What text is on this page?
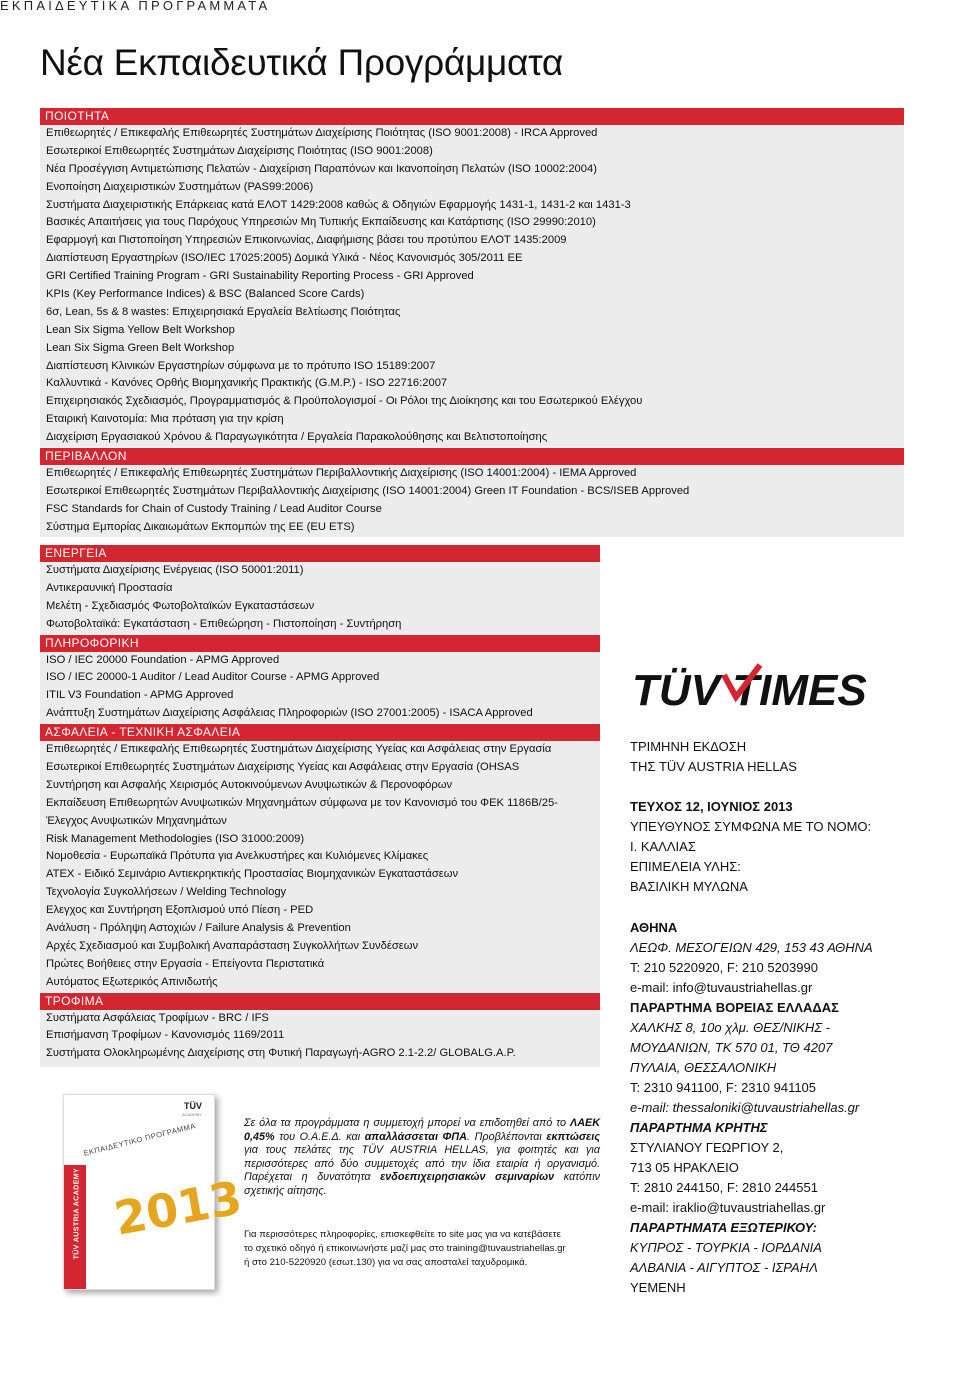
ΕΚΠΑΙΔΕΥΤΙΚΑ ΠΡΟΓΡΑΜΜΑΤΑ
Νέα Εκπαιδευτικά Προγράμματα
ΠΟΙΟΤΗΤΑ
Επιθεωρητές / Επικεφαλής Επιθεωρητές Συστημάτων Διαχείρισης Ποιότητας (ISO 9001:2008) - IRCA Approved
Εσωτερικοί Επιθεωρητές Συστημάτων Διαχείρισης Ποιότητας (ISO 9001:2008)
Νέα Προσέγγιση Αντιμετώπισης Πελατών - Διαχείριση Παραπόνων και Ικανοποίηση Πελατών (ISO 10002:2004)
Ενοποίηση Διαχειριστικών Συστημάτων (PAS99:2006)
Συστήματα Διαχειριστικής Επάρκειας κατά ΕΛΟΤ 1429:2008 καθώς & Οδηγιών Εφαρμογής 1431-1, 1431-2 και 1431-3
Βασικές Απαιτήσεις για τους Παρόχους Υπηρεσιών Μη Τυπικής Εκπαίδευσης και Κατάρτισης (ISO 29990:2010)
Εφαρμογή και Πιστοποίηση Υπηρεσιών Επικοινωνίας, Διαφήμισης βάσει του προτύπου ΕΛΟΤ 1435:2009
Διαπίστευση Εργαστηρίων (ISO/IEC 17025:2005) Δομικά Υλικά - Νέος Κανονισμός 305/2011 ΕΕ
GRI Certified Training Program - GRI Sustainability Reporting Process - GRI Approved
KPIs (Key Performance Indices) & BSC (Balanced Score Cards)
6σ, Lean, 5s & 8 wastes: Επιχειρησιακά Εργαλεία Βελτίωσης Ποιότητας
Lean Six Sigma Yellow Belt Workshop
Lean Six Sigma Green Belt Workshop
Διαπίστευση Κλινικών Εργαστηρίων σύμφωνα με το πρότυπο ISO 15189:2007
Καλλυντικά - Κανόνες Ορθής Βιομηχανικής Πρακτικής (G.M.P.) - ISO 22716:2007
Επιχειρησιακός Σχεδιασμός, Προγραμματισμός & Προϋπολογισμοί - Οι Ρόλοι της Διοίκησης και του Εσωτερικού Ελέγχου
Εταιρική Καινοτομία: Μια πρόταση για την κρίση
Διαχείριση Εργασιακού Χρόνου & Παραγωγικότητα / Εργαλεία Παρακολούθησης και Βελτιστοποίησης
ΠΕΡΙΒΑΛΛΟΝ
Επιθεωρητές / Επικεφαλής Επιθεωρητές Συστημάτων Περιβαλλοντικής Διαχείρισης (ISO 14001:2004) - IEMA Approved
Εσωτερικοί Επιθεωρητές Συστημάτων Περιβαλλοντικής Διαχείρισης (ISO 14001:2004) Green IT Foundation - BCS/ISEB Approved
FSC Standards for Chain of Custody Training / Lead Auditor Course
Σύστημα Εμπορίας Δικαιωμάτων Εκπομπών της ΕΕ (EU ETS)
ΕΝΕΡΓΕΙΑ
Συστήματα Διαχείρισης Ενέργειας (ISO 50001:2011)
Αντικεραυνική Προστασία
Μελέτη - Σχεδιασμός Φωτοβολταϊκών Εγκαταστάσεων
Φωτοβολταϊκά: Εγκατάσταση - Επιθεώρηση - Πιστοποίηση - Συντήρηση
ΠΛΗΡΟΦΟΡΙΚΗ
ISO / IEC 20000 Foundation - APMG Approved
ISO / IEC 20000-1 Auditor / Lead Auditor Course - APMG Approved
ITIL V3 Foundation - APMG Approved
Ανάπτυξη Συστημάτων Διαχείρισης Ασφάλειας Πληροφοριών (ISO 27001:2005) - ISACA Approved
ΑΣΦΑΛΕΙΑ - ΤΕΧΝΙΚΗ ΑΣΦΑΛΕΙΑ
Επιθεωρητές / Επικεφαλής Επιθεωρητές Συστημάτων Διαχείρισης Υγείας και Ασφάλειας στην Εργασία
Εσωτερικοί Επιθεωρητές Συστημάτων Διαχείρισης Υγείας και Ασφάλειας στην Εργασία (OHSAS
Συντήρηση και Ασφαλής Χειρισμός Αυτοκινούμενων Ανυψωτικών & Περονοφόρων
Εκπαίδευση Επιθεωρητών Ανυψωτικών Μηχανημάτων σύμφωνα με τον Κανονισμό του ΦΕΚ 1186Β/25-
Έλεγχος Ανυψωτικών Μηχανημάτων
Risk Management Methodologies (ISO 31000:2009)
Νομοθεσία - Ευρωπαϊκά Πρότυπα για Ανελκυστήρες και Κυλιόμενες Κλίμακες
ATEX - Ειδικό Σεμινάριο Αντιεκρηκτικής Προστασίας Βιομηχανικών Εγκαταστάσεων
Τεχνολογία Συγκολλήσεων / Welding Technology
Ελεγχος και Συντήρηση Εξοπλισμού υπό Πίεση - PED
Ανάλυση - Πρόληψη Αστοχιών / Failure Analysis & Prevention
Αρχές Σχεδιασμού και Συμβολική Αναπαράσταση Συγκολλήτων Συνδέσεων
Πρώτες Βοήθειες στην Εργασία - Επείγοντα Περιστατικά
Αυτόματος Εξωτερικός Απινιδωτής
ΤΡΟΦΙΜΑ
Συστήματα Ασφάλειας Τροφίμων - BRC / IFS
Επισήμανση Τροφίμων - Κανονισμός 1169/2011
Συστήματα Ολοκληρωμένης Διαχείρισης στη Φυτική Παραγωγή-AGRO 2.1-2.2/ GLOBALG.A.P.
TÜV AUSTRIA ACADEMY
ΕΚΠΑΙΔΕΥΤΙΚΟ ΠΡΟΓΡΑΜΜΑ
2013
TÜV
ACADEMY
Σε όλα τα προγράμματα η συμμετοχή μπορεί να επιδοτηθεί από το ΛΑΕΚ 0,45% του Ο.Α.Ε.Δ. και απαλλάσσεται ΦΠΑ. Προβλέπονται εκπτώσεις για τους πελάτες της TÜV AUSTRIA HELLAS, για φοιτητές και για περισσότερες από δύο συμμετοχές από την ίδια εταιρία ή οργανισμό. Παρέχεται η δυνατότητα ενδοεπιχειρησιακών σεμιναρίων κατόπιν σχετικής αίτησης.
Για περισσότερες πληροφορίες, επισκεφθείτε το site μας για να κατεβάσετε
το σχετικό οδηγό ή επικοινωνήστε μαζί μας στο training@tuvaustriahellas.gr
ή στο 210-5220920 (εσωτ.130) για να σας αποσταλεί ταχυδρομικά.
TÜV TIMES
ΤΡΙΜΗΝΗ ΕΚΔΟΣΗ
ΤΗΣ TÜV AUSTRIA HELLAS
ΤΕΥΧΟΣ 12, ΙΟΥΝΙΟΣ 2013
ΥΠΕΥΘΥΝΟΣ ΣΥΜΦΩΝΑ ΜΕ ΤΟ ΝΟΜΟ:
Ι. ΚΑΛΛΙΑΣ
ΕΠΙΜΕΛΕΙΑ ΥΛΗΣ:
ΒΑΣΙΛΙΚΗ ΜΥΛΩΝΑ
ΑΘΗΝΑ
ΛΕΩΦ. ΜΕΣΟΓΕΙΩΝ 429, 153 43 ΑΘΗΝΑ
Τ: 210 5220920, F: 210 5203990
e-mail: info@tuvaustriahellas.gr
ΠΑΡΑΡΤΗΜΑ ΒΟΡΕΙΑΣ ΕΛΛΑΔΑΣ
ΧΑΛΚΗΣ 8, 10ο χλμ. ΘΕΣ/ΝΙΚΗΣ -
ΜΟΥΔΑΝΙΩΝ, ΤΚ 570 01, ΤΘ 4207
ΠΥΛΑΙΑ, ΘΕΣΣΑΛΟΝΙΚΗ
Τ: 2310 941100, F: 2310 941105
e-mail: thessaloniki@tuvaustriahellas.gr
ΠΑΡΑΡΤΗΜΑ ΚΡΗΤΗΣ
ΣΤΥΛΙΑΝΟΥ ΓΕΩΡΓΙΟΥ 2,
713 05 ΗΡΑΚΛΕΙΟ
Τ: 2810 244150, F: 2810 244551
e-mail: iraklio@tuvaustriahellas.gr
ΠΑΡΑΡΤΗΜΑΤΑ ΕΞΩΤΕΡΙΚΟΥ:
ΚΥΠΡΟΣ - ΤΟΥΡΚΙΑ - ΙΟΡΔΑΝΙΑ
ΑΛΒΑΝΙΑ - ΑΙΓΥΠΤΟΣ - ΙΣΡΑΗΛ
ΥΕΜΕΝΗ
